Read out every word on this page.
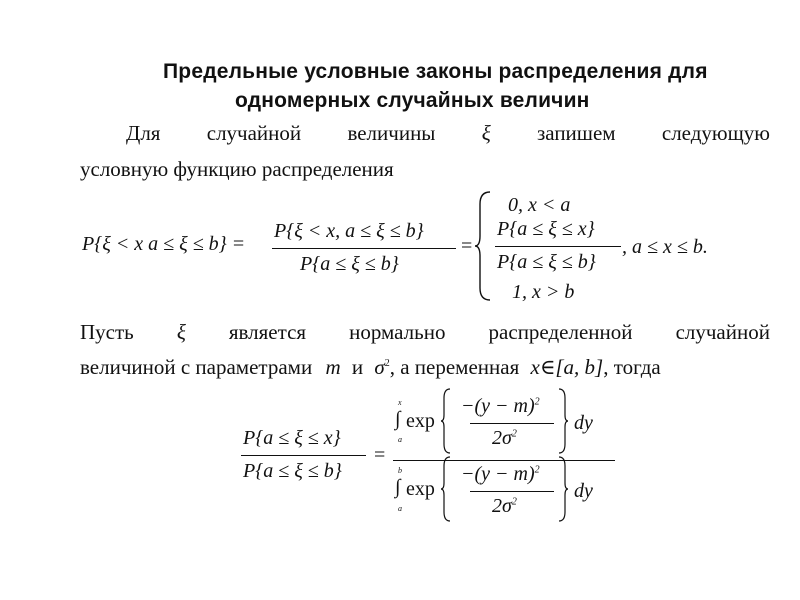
Предельные условные законы распределения для
одномерных случайных величин
Для случайной величины ξ запишем следующую
условную функцию распределения
P{ξ < x a ≤ ξ ≤ b} =
P{ξ < x, a ≤ ξ ≤ b}
P{a ≤ ξ ≤ b}
=
0, x < a
P{a ≤ ξ ≤ x}
P{a ≤ ξ ≤ b}
, a ≤ x ≤ b.
1, x > b
Пусть ξ является нормально распределенной случайной
величиной с параметрами m и $\sigma^2$, а переменная x∈[a, b], тогда
P{a ≤ ξ ≤ x}
P{a ≤ ξ ≤ b}
=
x
∫
a
exp
$-(y - m)^2$
$2\sigma^2$	dy
b
∫
a
exp
$-(y - m)^2$
$2\sigma^2$	dy
